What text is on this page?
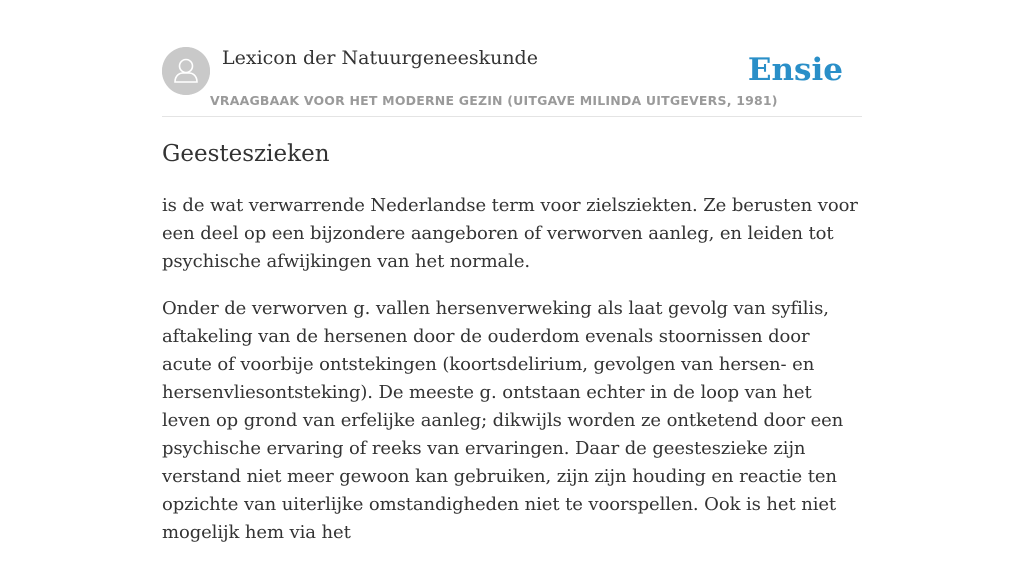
Lexicon der Natuurgeneeskunde
VRAAGBAAK VOOR HET MODERNE GEZIN (UITGAVE MILINDA UITGEVERS, 1981)
Ensie
Geesteszieken

is de wat verwarrende Nederlandse term voor zielsziekten. Ze berusten voor een deel op een bijzondere aangeboren of verworven aanleg, en leiden tot psychische afwijkingen van het normale.

Onder de verworven g. vallen hersenverweking als laat gevolg van syfilis, aftakeling van de hersenen door de ouderdom evenals stoornissen door acute of voorbije ontstekingen (koortsdelirium, gevolgen van hersen- en hersenvliesontsteking). De meeste g. ontstaan echter in de loop van het leven op grond van erfelijke aanleg; dikwijls worden ze ontketend door een psychische ervaring of reeks van ervaringen. Daar de geesteszieke zijn verstand niet meer gewoon kan gebruiken, zijn zijn houding en reactie ten opzichte van uiterlijke omstandigheden niet te voorspellen. Ook is het niet mogelijk hem via het
